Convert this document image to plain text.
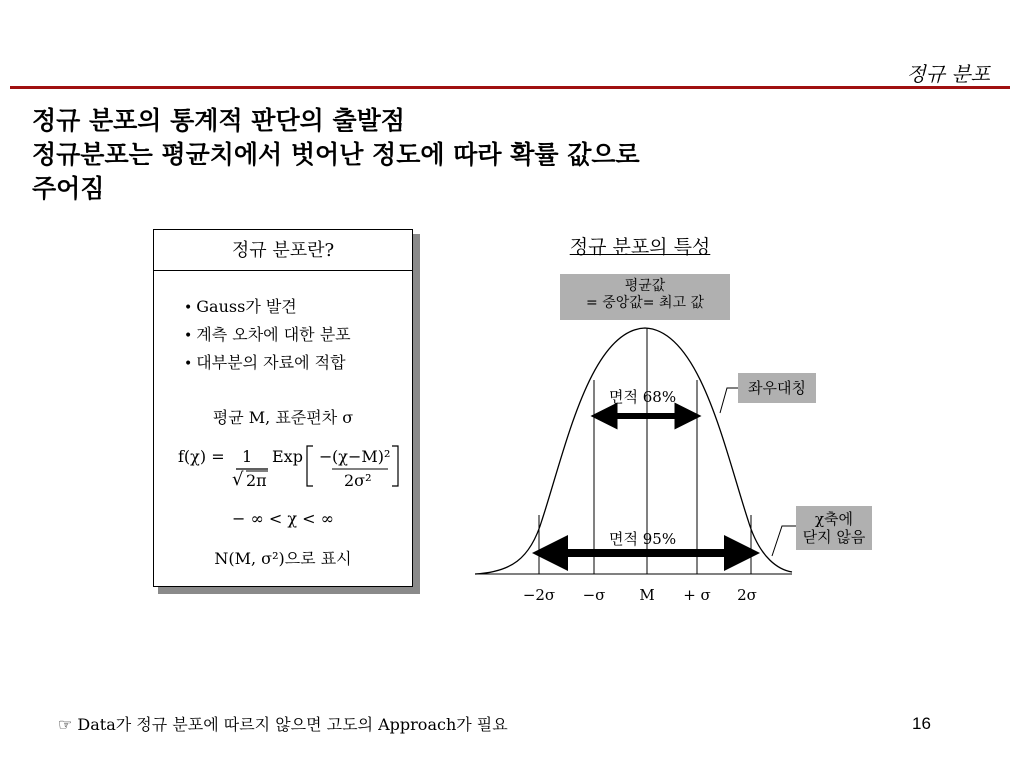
정규 분포
정규 분포의 통계적 판단의 출발점
정규분포는 평균치에서 벗어난 정도에 따라 확률 값으로
주어짐
정규 분포란?
• Gauss가 발견
• 계측 오차에 대한 분포
• 대부분의 자료에 적합
평균 M, 표준편차 σ
f(χ) = 1
√ 2π
Exp − (χ−M)²
2σ²
− ∞ < χ < ∞
N(M, σ²)으로 표시
정규 분포의 특성
평균값
= 중앙값= 최고 값
좌우대칭
χ축에
닫지 않음
면적 68%
면적 95%
−2σ	−σ	M	+ σ	2σ
☞ Data가 정규 분포에 따르지 않으면 고도의 Approach가 필요	16
